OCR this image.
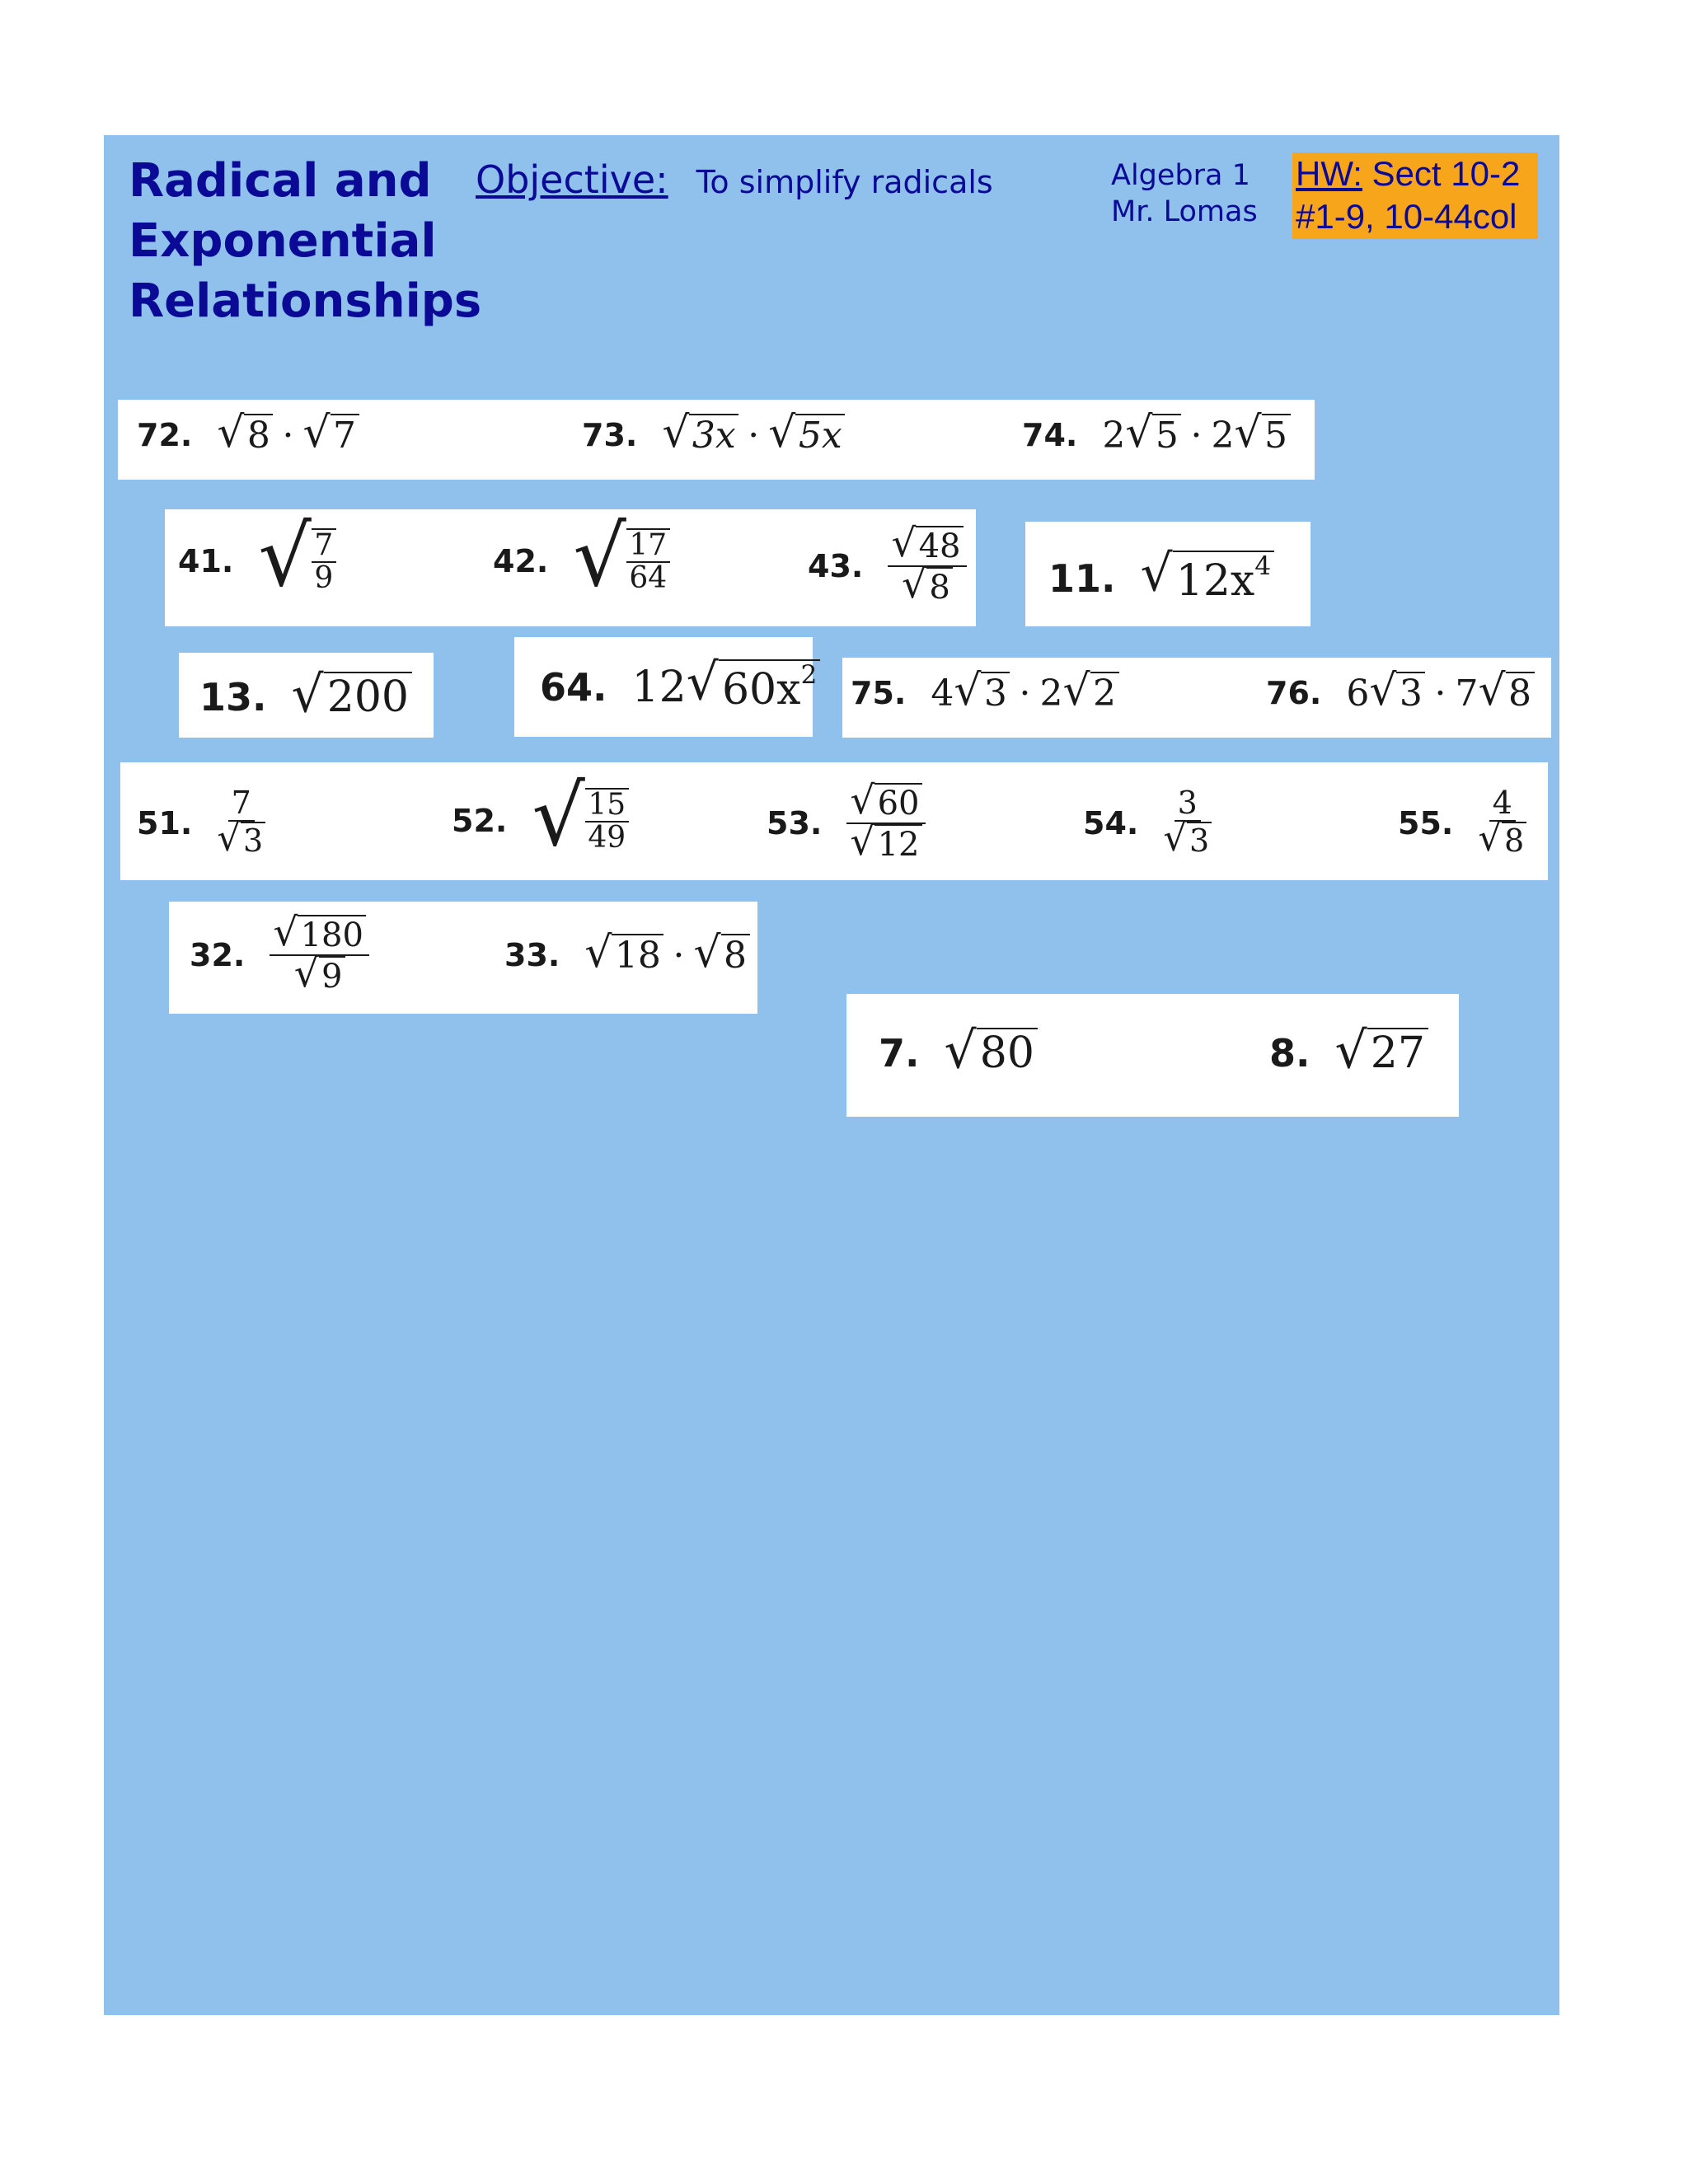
Radical and
Exponential
Relationships
Objective: To simplify radicals	Algebra 1
Mr. Lomas
HW: Sect 10-2
#1-9, 10-44col
72. √ 8 · √ 7	73. √ 3x · √ 5x	74. 2 √ 5 · 2 √ 5
41. √ $\frac{7}{9}$	42. √ $\frac{17}{64}$	43. $\frac{√ 48}{√ 8} 11$. √ $12x^4$
13. √ 200	64. 12 √ $60x^2$
75. 4 √ 3 · 2 √ 2	76. 6 √ 3 · 7 √ 8
51. $\frac{7}{√ 3}$	52. √ $\frac{15}{49}$	53. $\frac{√ 60}{√ 12}$	54. $\frac{3}{√ 3}$	55. $\frac{4}{√ 8}$
32. $\frac{√ 180}{√ 9}$	33. √ 18 · √ 8
7. √ 80	8. √ 27
